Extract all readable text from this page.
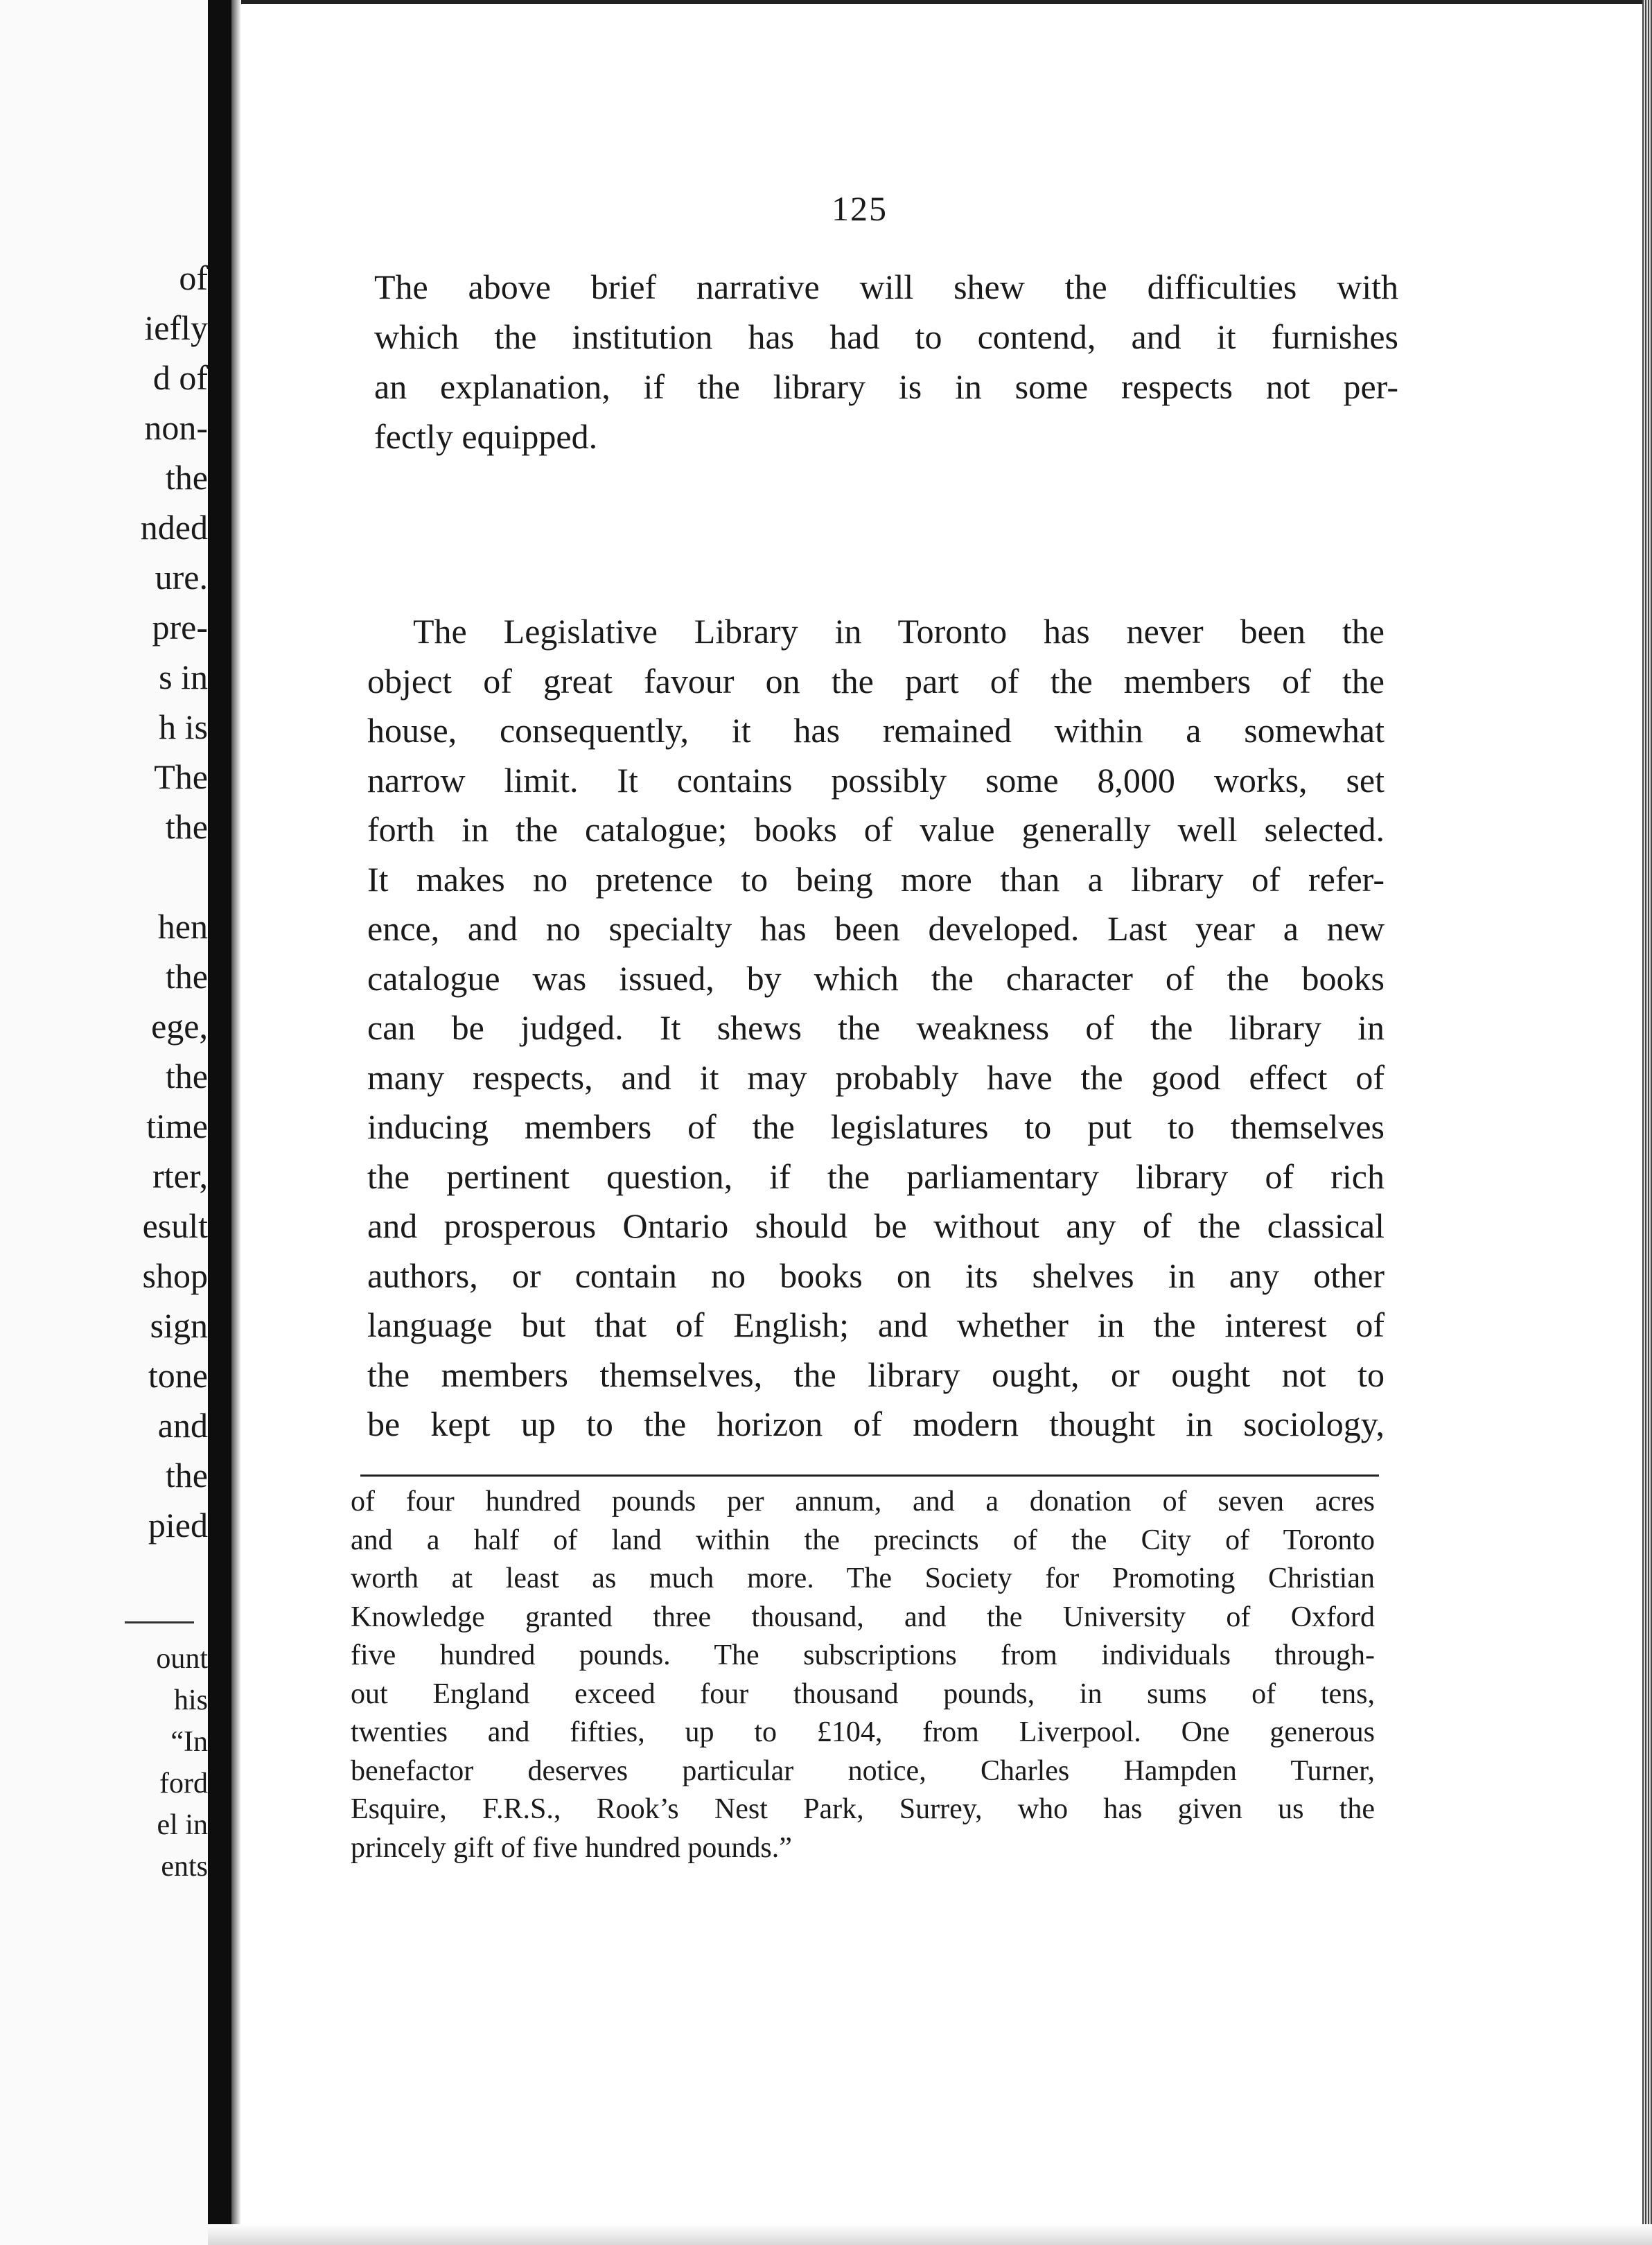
of
iefly
d of
non-
the
nded
ure.
pre-
s in
h is
The
the
hen
the
ege,
the
time
rter,
esult
shop
sign
tone
and
the
pied
ount
his
“In
ford
el in
ents
125
The above brief narrative will shew the difficulties with
which the institution has had to contend, and it furnishes
an explanation, if the library is in some respects not per-
fectly equipped.
The Legislative Library in Toronto has never been the
object of great favour on the part of the members of the
house, consequently, it has remained within a somewhat
narrow limit. It contains possibly some 8,000 works, set
forth in the catalogue; books of value generally well selected.
It makes no pretence to being more than a library of refer-
ence, and no specialty has been developed. Last year a new
catalogue was issued, by which the character of the books
can be judged. It shews the weakness of the library in
many respects, and it may probably have the good effect of
inducing members of the legislatures to put to themselves
the pertinent question, if the parliamentary library of rich
and prosperous Ontario should be without any of the classical
authors, or contain no books on its shelves in any other
language but that of English; and whether in the interest of
the members themselves, the library ought, or ought not to
be kept up to the horizon of modern thought in sociology,
of four hundred pounds per annum, and a donation of seven acres
and a half of land within the precincts of the City of Toronto
worth at least as much more. The Society for Promoting Christian
Knowledge granted three thousand, and the University of Oxford
five hundred pounds. The subscriptions from individuals through-
out England exceed four thousand pounds, in sums of tens,
twenties and fifties, up to £104, from Liverpool. One generous
benefactor deserves particular notice, Charles Hampden Turner,
Esquire, F.R.S., Rook’s Nest Park, Surrey, who has given us the
princely gift of five hundred pounds.”
